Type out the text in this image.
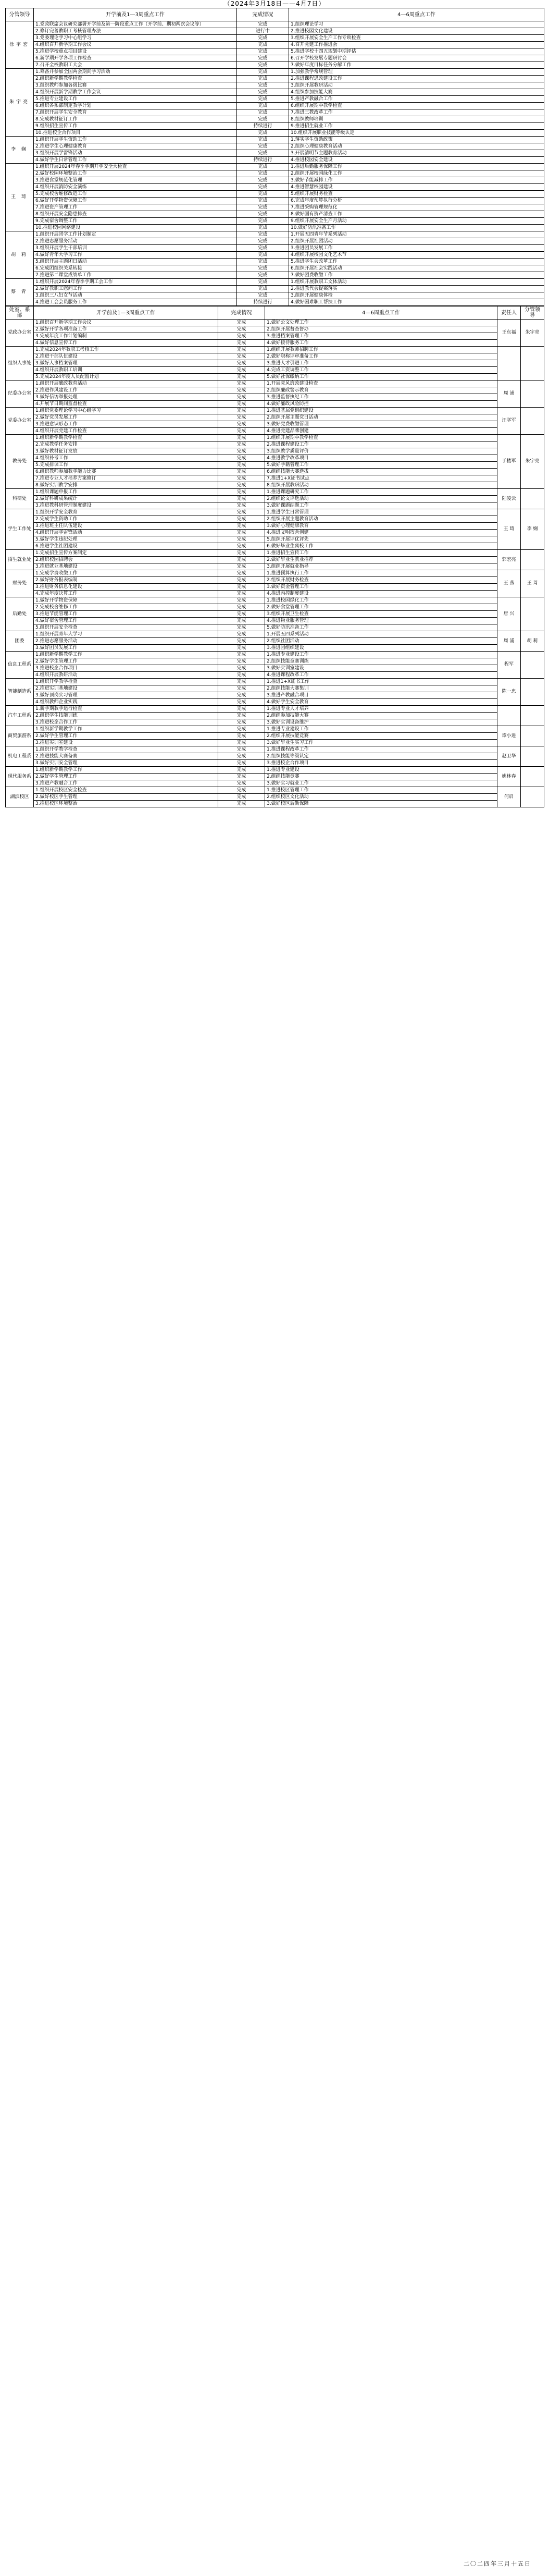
（2024年3月18日——4月7日）
分管领导	开学前及1—3周重点工作	完成情况	4—6周重点工作
徐宇宏	1.党政联席会议研究部署开学前及第一阶段重点工作（开学前、期初两次会议等）	完成	1.组织理论学习
	2.修订完善教职工考核管理办法	进行中	2.推进校园文化建设
	3.党委理论学习中心组学习	完成	3.组织开展安全生产工作专项检查
	4.组织召开新学期工作会议	完成	4.召开党建工作推进会
	5.推进学校重点项目建设	完成	5.推进学校十四五规划中期评估
	6.新学期开学各项工作检查	完成	6.召开学校发展专题研讨会
	7.召开全校教职工大会	完成	7.做好年度目标任务分解工作
朱宇亮	1.筹备并参加全国两会期间学习活动	完成	1.加强教学常规管理
	2.组织新学期教学检查	完成	2.推进课程思政建设工作
	3.组织教师参加各级比赛	完成	3.组织开展教研活动
	4.组织开展新学期教学工作会议	完成	4.组织参加技能大赛
	5.推进专业建设工作	完成	5.推进产教融合工作
	6.组织各系部制定教学计划	完成	6.组织开展期中教学检查
	7.组织开展学生安全教育	完成	7.推进三教改革工作
	8.完成教材征订工作	完成	8.组织教师培训
	9.组织招生宣传工作	持续进行	9.推进招生就业工作
	10.推进校企合作项目	完成	10.组织开展职业技能等级认定
李 娴	1.组织开展学生资助工作	完成	1.落实学生资助政策
	2.推进学生心理健康教育	完成	2.组织心理健康教育活动
	3.组织开展学雷锋活动	完成	3.开展清明节主题教育活动
	4.做好学生日常管理工作	持续进行	4.推进校园安全建设
王 琦	1.组织开展2024年春季学期开学安全大检查	完成	1.推进后勤服务保障工作
	2.做好校园环境整治工作	完成	2.组织开展校园绿化工作
	3.推进食堂规范化管理	完成	3.做好节能减排工作
	4.组织开展消防安全演练	完成	4.推进智慧校园建设
	5.完成校舍维修改造工作	完成	5.组织开展财务检查
	6.做好开学物资保障工作	完成	6.完成年度预算执行分析
	7.推进资产管理工作	完成	7.推进采购管理规范化
	8.组织开展安全隐患排查	完成	8.做好国有资产清查工作
	9.完成宿舍调整工作	完成	9.组织开展安全生产月活动
	10.推进校园网络建设	完成	10.做好防汛准备工作
胡 莉	1.组织开展团学工作计划制定	完成	1.开展五四青年节系列活动
	2.推进志愿服务活动	完成	2.组织开展社团活动
	3.组织开展学生干部培训	完成	3.推进团员发展工作
	4.做好青年大学习工作	完成	4.组织开展校园文化艺术节
	5.组织开展主题团日活动	完成	5.推进学生会改革工作
	6.完成团组织关系转接	完成	6.组织开展社会实践活动
	7.推进第二课堂成绩单工作	完成	7.做好团费收缴工作
蔡 青	1.组织开展2024年春季学期工会工作	完成	1.组织开展教职工文体活动
	2.做好教职工慰问工作	完成	2.推进教代会提案落实
	3.组织三八妇女节活动	完成	3.组织开展健康体检
	4.推进工会会员服务工作	持续进行	4.做好困难职工帮扶工作
处室、系部	开学前及1—3周重点工作	完成情况	4—6周重点工作	责任人	分管领导
党政办公室	1.组织召开新学期工作会议	完成	1.做好公文处理工作	王东福	朱宇亮
	2.做好开学各项准备工作	完成	2.组织开展督查督办		
	3.完成年度工作计划编制	完成	3.推进档案管理工作		
	4.做好信息宣传工作	完成	4.做好接待服务工作		
组织人事处	1.完成2024年教职工考核工作	完成	1.组织开展教师招聘工作		
	2.推进干部队伍建设	完成	2.做好职称评审准备工作		
	3.做好人事档案管理	完成	3.推进人才引进工作		
	4.组织开展教职工培训	完成	4.完成工资调整工作		
	5.完成2024年度人员配置计划	完成	5.做好社保缴纳工作		
纪委办公室	1.组织开展廉政教育活动	完成	1.开展党风廉政建设检查	周 浦	
	2.推进作风建设工作	完成	2.组织廉政警示教育		
	3.做好信访举报处理	完成	3.推进监督执纪工作		
	4.开展节日期间监督检查	完成	4.做好廉政风险防控		
党委办公室	1.组织党委理论学习中心组学习	完成	1.推进基层党组织建设	汪学军	
	2.做好党员发展工作	完成	2.组织开展主题党日活动		
	3.推进意识形态工作	完成	3.做好党费收缴管理		
	4.组织开展党建工作检查	完成	4.推进党建品牌创建		
教务处	1.组织新学期教学检查	完成	1.组织开展期中教学检查	于楼军	朱宇亮
	2.完成教学任务安排	完成	2.推进课程建设工作		
	3.做好教材征订发放	完成	3.组织教学质量评价		
	4.组织补考工作	完成	4.推进教学改革项目		
	5.完成排课工作	完成	5.做好学籍管理工作		
	6.组织教师参加教学能力比赛	完成	6.组织技能大赛选拔		
	7.推进专业人才培养方案修订	完成	7.推进1+X证书试点		
	8.做好实训教学安排	完成	8.组织开展教研活动		
科研处	1.组织课题申报工作	完成	1.推进课题研究工作	陆凌云	
	2.做好科研成果统计	完成	2.组织论文评选活动		
	3.推进教科研管理制度建设	完成	3.做好课题结题工作		
学生工作处	1.组织开学安全教育	完成	1.推进学生日常管理	王 琦	李 娴
	2.完成学生资助工作	完成	2.组织开展主题教育活动		
	3.推进班主任队伍建设	完成	3.做好心理健康教育		
	4.组织开展学雷锋活动	完成	4.推进文明宿舍创建		
	5.做好学生违纪处理	完成	5.组织开展评优评先		
	6.推进学生社团建设	完成	6.做好毕业生离校工作		
招生就业处	1.完成招生宣传方案制定	完成	1.推进招生宣传工作	郭宏亮	
	2.组织校园招聘会	完成	2.做好毕业生就业推荐		
	3.推进就业基地建设	完成	3.组织开展就业指导		
财务处	1.完成学费收缴工作	完成	1.推进预算执行工作	王 燕	王 琦
	2.做好财务报表编制	完成	2.组织开展财务检查		
	3.推进财务信息化建设	完成	3.做好资金管理工作		
	4.完成年度决算工作	完成	4.推进内控制度建设		
后勤处	1.做好开学物资保障	完成	1.推进校园绿化工作	唐 兴	
	2.完成校舍维修工作	完成	2.做好食堂管理工作		
	3.推进节能管理工作	完成	3.组织开展卫生检查		
	4.做好宿舍管理工作	完成	4.推进物业服务管理		
	5.组织开展安全检查	完成	5.做好防汛准备工作		
团委	1.组织开展青年大学习	完成	1.开展五四系列活动	周 浦	胡 莉
	2.推进志愿服务活动	完成	2.组织社团活动		
	3.做好团员发展工作	完成	3.推进团组织建设		
信息工程系	1.组织新学期教学工作	完成	1.推进专业建设工作	程军	
	2.做好学生管理工作	完成	2.组织技能竞赛训练		
	3.推进校企合作项目	完成	3.做好实训室建设		
	4.组织开展教研活动	完成	4.推进课程改革工作		
智能制造系	1.组织开学教学检查	完成	1.推进1+X证书工作	陈一忠	
	2.推进实训基地建设	完成	2.组织技能大赛集训		
	3.做好顶岗实习管理	完成	3.推进产教融合项目		
	4.组织教师企业实践	完成	4.做好学生安全教育		
汽车工程系	1.新学期教学运行检查	完成	1.推进专业人才培养		
	2.组织学生技能训练	完成	2.组织参加技能大赛		
	3.推进校企合作工作	完成	3.做好实训设备维护		
商贸旅游系	1.组织新学期教学工作	完成	1.推进专业建设工作	谭小进	
	2.做好学生管理工作	完成	2.组织开展技能竞赛		
	3.推进实训室建设	完成	3.做好毕业生实习工作		
机电工程系	1.组织开学教学检查	完成	1.推进课程改革工作	赵卫华	
	2.推进技能大赛备赛	完成	2.组织技能等级认定		
	3.做好实训安全管理	完成	3.推进校企合作项目		
现代服务系	1.组织新学期教学工作	完成	1.推进专业建设	姚林春	
	2.做好学生管理工作	完成	2.组织技能竞赛		
	3.推进产教融合工作	完成	3.做好实习就业工作		
湖滨校区	1.组织开展校区安全检查	完成	1.推进校区管理工作	何启	
	2.做好校区学生管理	完成	2.组织校区文化活动		
	3.推进校区环境整治	完成	3.做好校区后勤保障		
二〇二四年三月十五日
